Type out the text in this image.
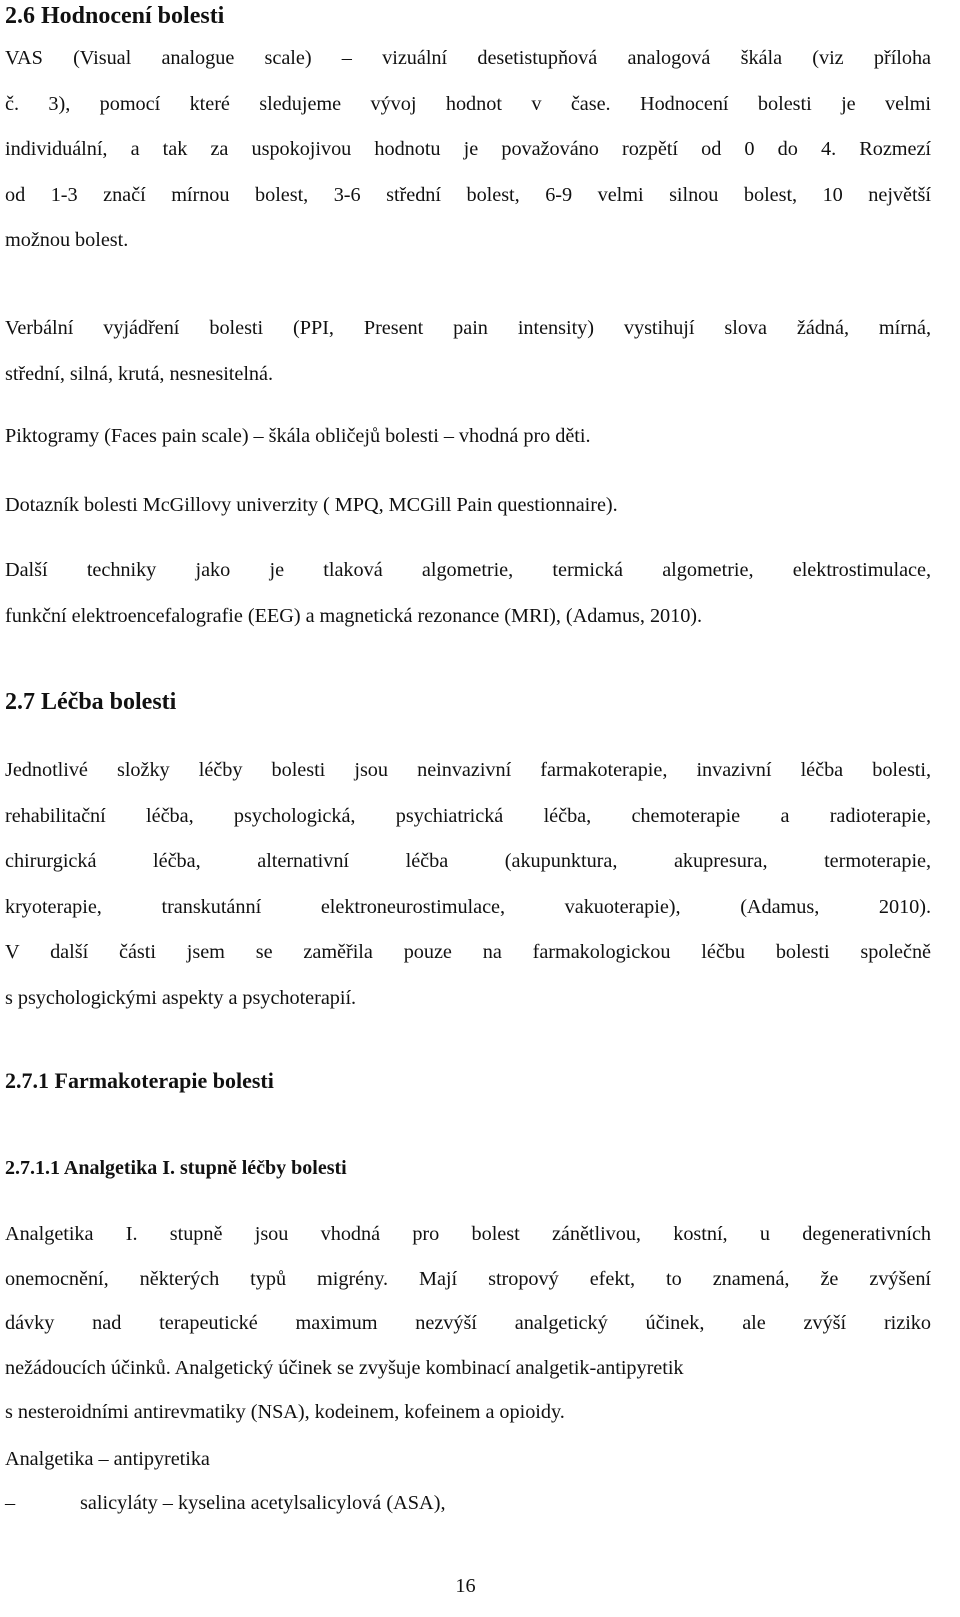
2.6 Hodnocení bolesti
VAS (Visual analogue scale) – vizuální desetistupňová analogová škála (viz příloha
č. 3), pomocí které sledujeme vývoj hodnot v čase. Hodnocení bolesti je velmi
individuální, a tak za uspokojivou hodnotu je považováno rozpětí od 0 do 4. Rozmezí
od 1-3 značí mírnou bolest, 3-6 střední bolest, 6-9 velmi silnou bolest, 10 největší
možnou bolest.
Verbální vyjádření bolesti (PPI, Present pain intensity) vystihují slova žádná, mírná,
střední, silná, krutá, nesnesitelná.
Piktogramy (Faces pain scale) – škála obličejů bolesti – vhodná pro děti.
Dotazník bolesti McGillovy univerzity ( MPQ, MCGill Pain questionnaire).
Další techniky jako je tlaková algometrie, termická algometrie, elektrostimulace,
funkční elektroencefalografie (EEG) a magnetická rezonance (MRI), (Adamus, 2010).
2.7 Léčba bolesti
Jednotlivé složky léčby bolesti jsou neinvazivní farmakoterapie, invazivní léčba bolesti,
rehabilitační léčba, psychologická, psychiatrická léčba, chemoterapie a radioterapie,
chirurgická léčba, alternativní léčba (akupunktura, akupresura, termoterapie,
kryoterapie, transkutánní elektroneurostimulace, vakuoterapie), (Adamus, 2010).
V další části jsem se zaměřila pouze na farmakologickou léčbu bolesti společně
s psychologickými aspekty a psychoterapií.
2.7.1 Farmakoterapie bolesti
2.7.1.1 Analgetika I. stupně léčby bolesti
Analgetika I. stupně jsou vhodná pro bolest zánětlivou, kostní, u degenerativních
onemocnění, některých typů migrény. Mají stropový efekt, to znamená, že zvýšení
dávky nad terapeutické maximum nezvýší analgetický účinek, ale zvýší riziko
nežádoucích účinků. Analgetický účinek se zvyšuje kombinací analgetik-antipyretik
s nesteroidními antirevmatiky (NSA), kodeinem, kofeinem a opioidy.
Analgetika – antipyretika
–	salicyláty – kyselina acetylsalicylová (ASA),
16
